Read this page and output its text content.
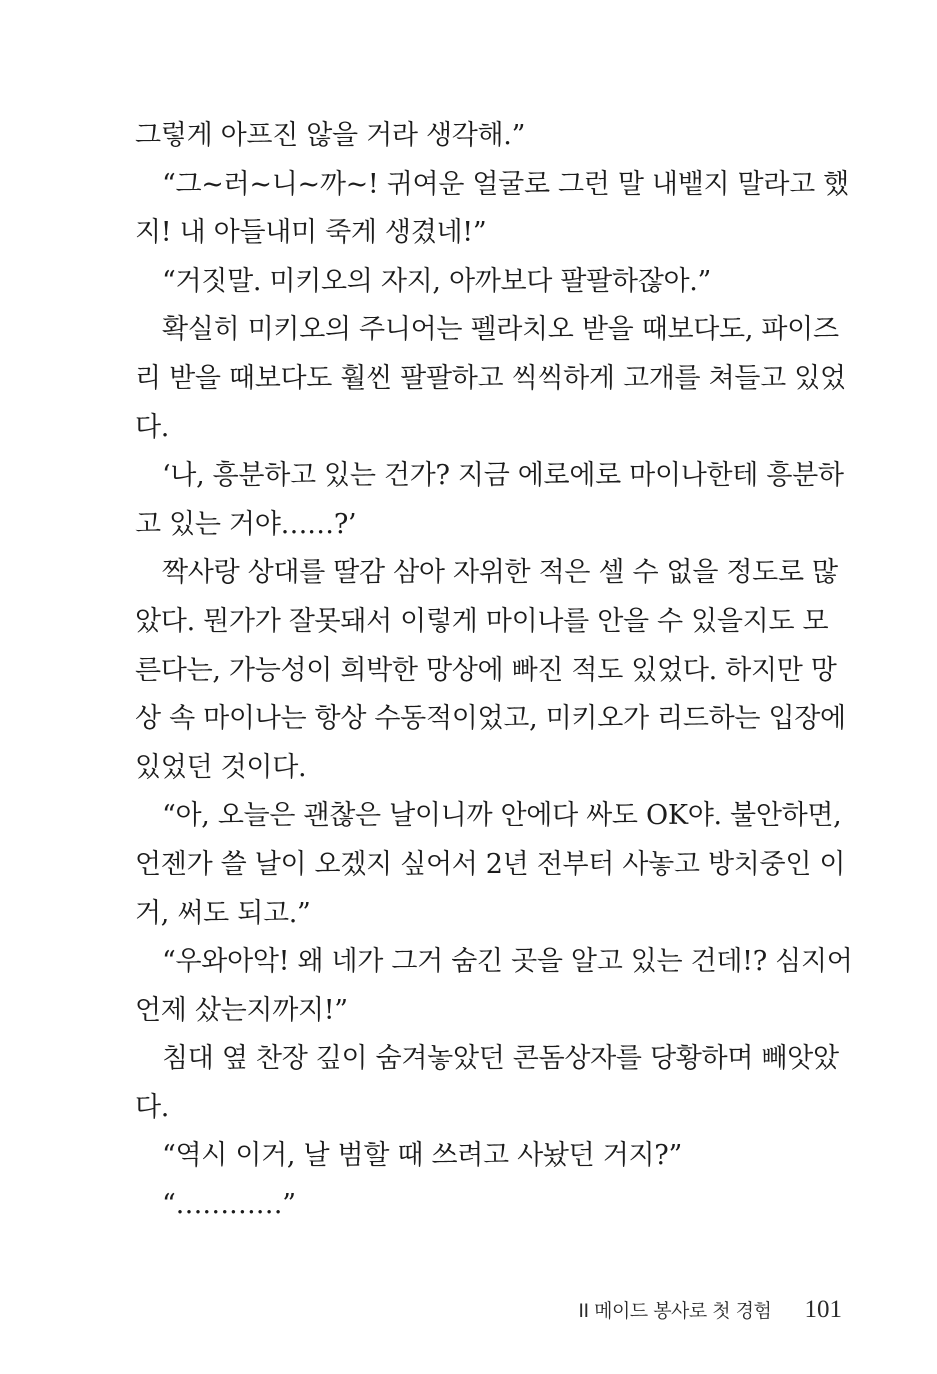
그렇게 아프진 않을 거라 생각해.”
“그~러~니~까~! 귀여운 얼굴로 그런 말 내뱉지 말라고 했
지! 내 아들내미 죽게 생겼네!”
“거짓말. 미키오의 자지, 아까보다 팔팔하잖아.”
확실히 미키오의 주니어는 펠라치오 받을 때보다도, 파이즈
리 받을 때보다도 훨씬 팔팔하고 씩씩하게 고개를 쳐들고 있었
다.
‘나, 흥분하고 있는 건가? 지금 에로에로 마이나한테 흥분하
고 있는 거야……?’
짝사랑 상대를 딸감 삼아 자위한 적은 셀 수 없을 정도로 많
았다. 뭔가가 잘못돼서 이렇게 마이나를 안을 수 있을지도 모
른다는, 가능성이 희박한 망상에 빠진 적도 있었다. 하지만 망
상 속 마이나는 항상 수동적이었고, 미키오가 리드하는 입장에
있었던 것이다.
“아, 오늘은 괜찮은 날이니까 안에다 싸도 OK야. 불안하면,
언젠가 쓸 날이 오겠지 싶어서 2년 전부터 사놓고 방치중인 이
거, 써도 되고.”
“우와아악! 왜 네가 그거 숨긴 곳을 알고 있는 건데!? 심지어
언제 샀는지까지!”
침대 옆 찬장 깊이 숨겨놓았던 콘돔상자를 당황하며 빼앗았
다.
“역시 이거, 날 범할 때 쓰려고 사놨던 거지?”
“…………”
II 메이드 봉사로 첫 경험 101
